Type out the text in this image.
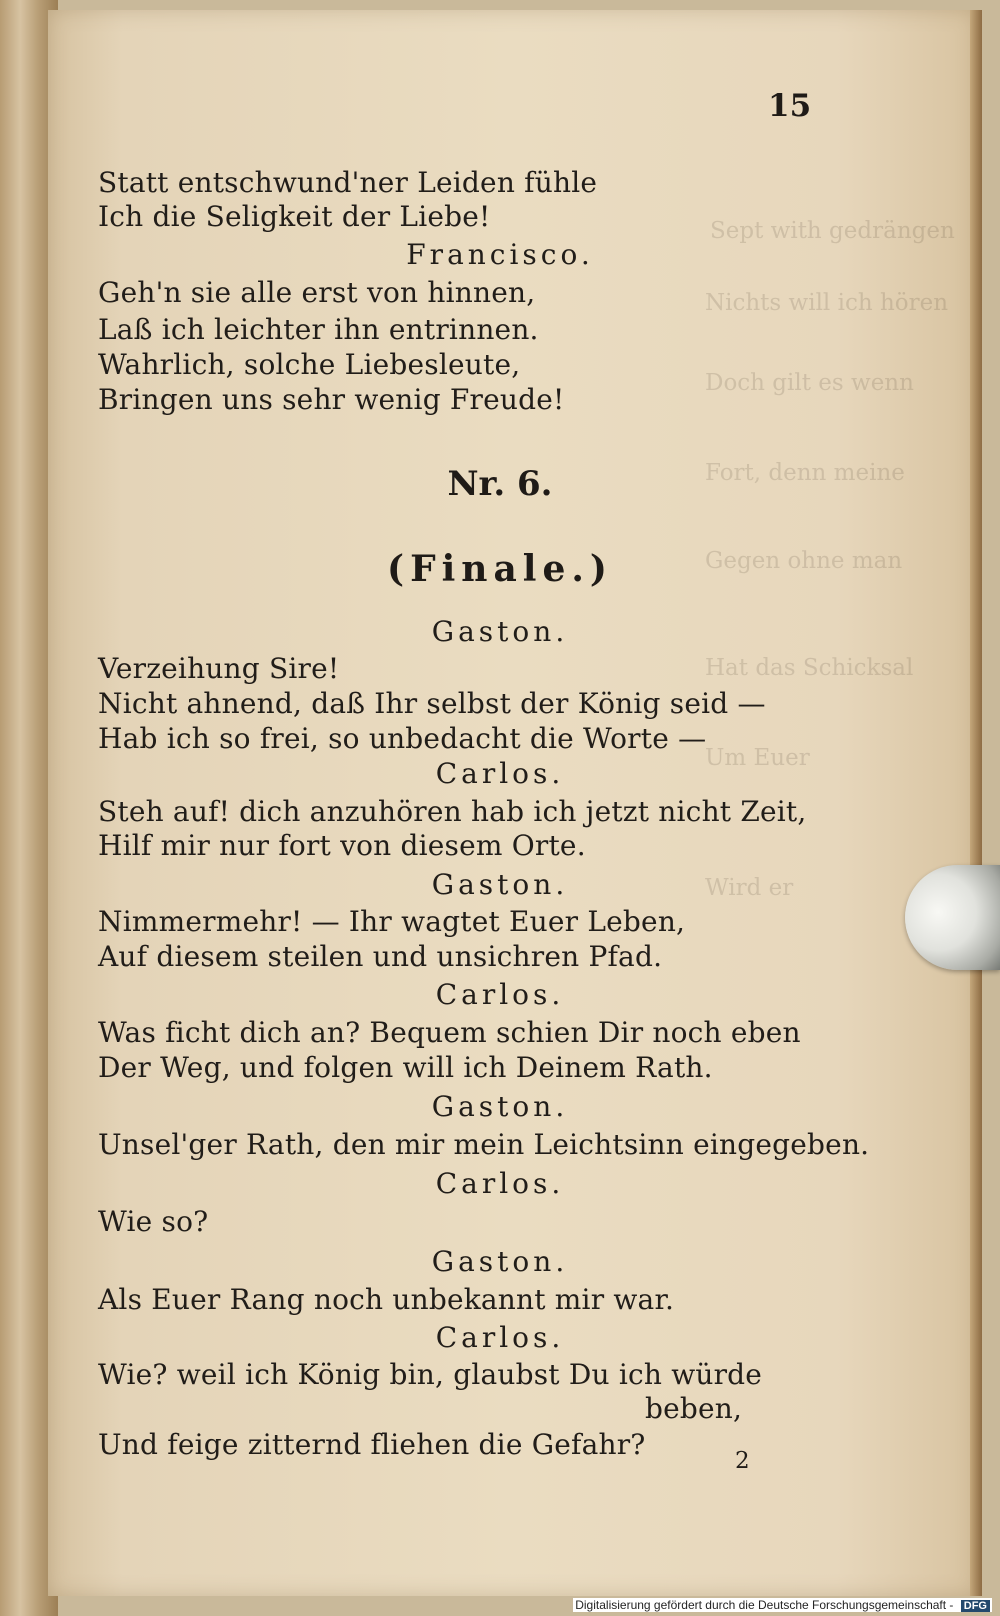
Sept with gedrängen
Nichts will ich hören
Doch gilt es wenn
Fort, denn meine
Gegen ohne man
Hat das Schicksal
Um Euer
Wird er
15
Statt entschwund'ner Leiden fühle
Ich die Seligkeit der Liebe!
Francisco.
Geh'n sie alle erst von hinnen,
Laß ich leichter ihn entrinnen.
Wahrlich, solche Liebesleute,
Bringen uns sehr wenig Freude!
Nr. 6.
(Finale.)
Gaston.
Verzeihung Sire!
Nicht ahnend, daß Ihr selbst der König seid —
Hab ich so frei, so unbedacht die Worte —
Carlos.
Steh auf! dich anzuhören hab ich jetzt nicht Zeit,
Hilf mir nur fort von diesem Orte.
Gaston.
Nimmermehr! — Ihr wagtet Euer Leben,
Auf diesem steilen und unsichren Pfad.
Carlos.
Was ficht dich an? Bequem schien Dir noch eben
Der Weg, und folgen will ich Deinem Rath.
Gaston.
Unsel'ger Rath, den mir mein Leichtsinn eingegeben.
Carlos.
Wie so?
Gaston.
Als Euer Rang noch unbekannt mir war.
Carlos.
Wie? weil ich König bin, glaubst Du ich würde
beben,
Und feige zitternd fliehen die Gefahr?	2
Digitalisierung gefördert durch die Deutsche Forschungsgemeinschaft - DFG
